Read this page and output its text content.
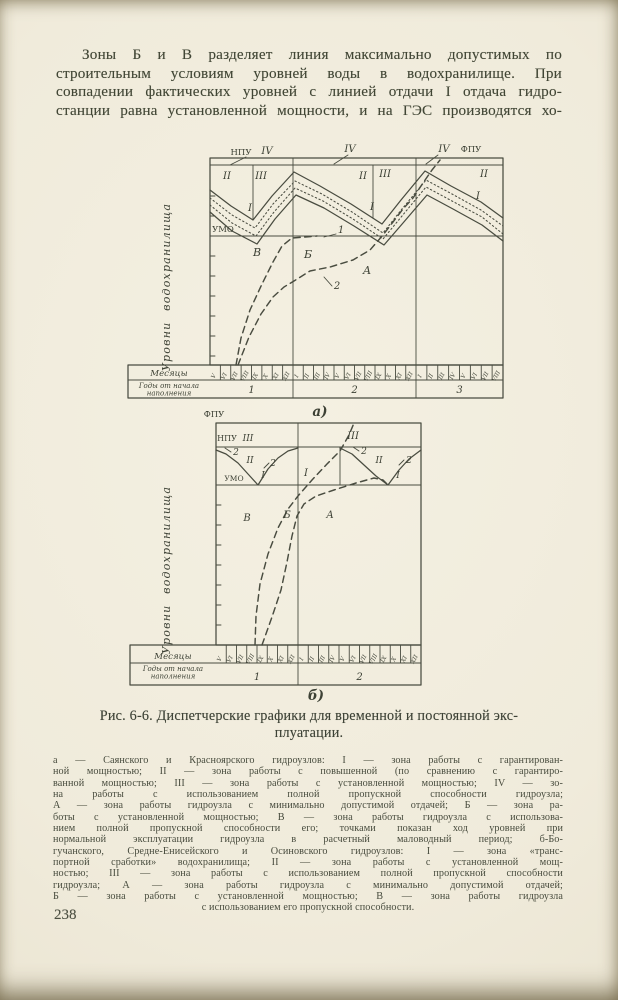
Зоны Б и В разделяет линия максимально допустимых по
строительным условиям уровней воды в водохранилище. При
совпадении фактических уровней с линией отдачи I отдача гидро-
станции равна установленной мощности, и на ГЭС производятся хо-
V VI VII VIII IX X XI XII
1
I II III IV V VI VII VIII IX X XI XII
2
I II III IV V VI VII VIII
3
Месяцы
Годы от начала
наполнения
НПУ IV	IV	IV ФПУ
УМО
II III
I
II III
I
II
I
В	Б
А
1
2
Уровни водохранилища
а)
V VI VII VIII IX X XI XII
1
I II III IV V VI VII VIII IX X XI XII
2
Месяцы
Годы от начала
наполнения
ФПУ
НПУ III	III
2
II 2
УМО I	I
2
II	2
I
В	Б	А
Уровни водохранилища
б)
Рис. 6-6. Диспетчерские графики для временной и постоянной экс-
плуатации.
а — Саянского и Красноярского гидроузлов: I — зона работы с гарантирован-
ной мощностью; II — зона работы с повышенной (по сравнению с гарантиро-
ванной мощностью; III — зона работы с установленной мощностью; IV — зо-
на работы с использованием полной пропускной способности гидроузла;
А — зона работы гидроузла с минимально допустимой отдачей; Б — зона ра-
боты с установленной мощностью; В — зона работы гидроузла с использова-
нием полной пропускной способности его; точками показан ход уровней при
нормальной эксплуатации гидроузла в расчетный маловодный период; б-Бо-
гучанского, Средне-Енисейского и Осиновского гидроузлов: I — зона «транс-
портной сработки» водохранилища; II — зона работы с установленной мощ-
ностью; III — зона работы с использованием полной пропускной способности
гидроузла; А — зона работы гидроузла с минимально допустимой отдачей;
Б — зона работы с установленной мощностью; В — зона работы гидроузла
с использованием его пропускной способности.
238
